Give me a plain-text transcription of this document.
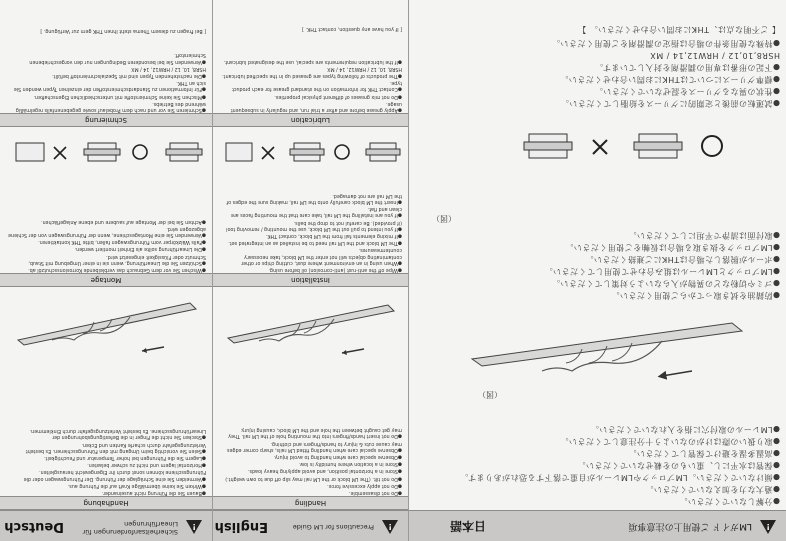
!
LMガイド ご使用上の注意事項
日本語

●分解しないでください。

●過大な力を加えないでください。

●傾けないでください。LMブロックやLMレールが自重で落下する恐れがあります。

●保管は水平にし、重いものを載せないでください。

●高温多湿を避けて保管してください。

●取り扱いの際はけがのないよう十分注意してください。

●LMレールの取付穴に指を入れないでください。

（図）

●防錆油を拭き取ってからご使用ください。

●ゴミや切粉などの異物が入らないよう対策してください。

●LMブロックとLMレールは組み合わせて使用してください。

●ボールが脱落した場合はTHKにご連絡ください。

●LMブロックを抜き取る場合は仮軸をご使用ください。

●取付面は清浄で平坦にしてください。

（図）

●試運転の前後と定期的にグリースを給脂してください。

●性状の異なるグリースを混ぜないでください。

●標準グリースについてはTHKにお問い合わせください。

●下記の形番は専用の潤滑剤を封入しています。

HSR8,10,12 / HRW12,14 / MX

●特殊な使用条件の場合は指定の潤滑剤をご使用ください。

【 ご不明な点は、THKにお問い合わせください。 】
!
Precautions for LM Guide
English
Handling

●Do not disassemble.

●Do not apply excessive force.

●Do not tilt. (The LM block or the LM rail may slip off due to own weight.)

●Store in a horizontal position, and avoid applying heavy loads.

●Store in a location where humidity is low.

●Observe special care when handling to avoid injury.

●Observe special care when handling fitted LM rails, sharp corner edges may cause cuts & injury to hands/fingers and clothing.

●Do not insert hands/fingers into the mounting hole of the LM rail. They may get caught between the hole and the LM block, causing injury.

Installation

●Wipe off the anti-rust (anti-corrosion) oil before using.

●When using in an environment where dust, cutting chips or other contaminating objects will not enter the LM block, take necessary countermeasures.

●The LM block and the LM rail need to be installed as an integrated set.

●If mixing elements fail from the LM block, contact THK.

●If you intend to pull out the LM block, use the mounting / removing tool (if provided). Be careful not to drop the balls.

●If you are installing the LM rail, take care that the mounting faces are clean and flat.

●Insert the LM block carefully onto the LM rail, making sure the edges of the LM rail are not damaged.

Lubrication

●Apply grease before and after a trial run, and regularly in subsequent usage.

●Do not mix greases of different physical properties.

●Contact THK for information on the standard grease for each product type.

●The products of following types are greased up in the specified lubricant.

HSR8, 10, 12 / HRW12, 14 / MX

●If the lubrication requirements are special, use the designated lubricant.

[ If you have any question, contact THK. ]
!
Sicherheitsanforderungen für Linearführungen
Deutsch
Handhabung

●Bauen Sie die Führung nicht auseinander.

●Wirken Sie keine übermäßige Kraft auf die Führung aus.

●Vermeiden Sie eine Schräglage der Führung. Der Führungswagen oder die Führungsschiene können sonst durch ihr Eigengewicht herausgleiten.

●Horizontal lagern und nicht zu schwer belasten.

●Lagern Sie die Führungen bei hoher Temperatur und Feuchtigkeit.

●Seien Sie vorsichtig beim Umgang mit den Führungsschienen. Es besteht Verletzungsgefahr durch scharfe Kanten und Ecken.

●Stecken Sie nicht die Finger in die Befestigungsbohrungen der Linearführungsschiene. Es besteht Verletzungsgefahr durch Einklemmen.

Montage

●Wischen Sie vor dem Gebrauch das verbleibende Korrosionsschutzöl ab.

●Schützen Sie die Linearführung, wenn sie in einer Umgebung mit Staub, Schmutz oder Flüssigkeit eingesetzt wird.

●Die Linearführung sollte als Einheit montiert werden.

●Falls Wälzkörper vom Führungswagen fallen, bitte THK kontaktieren.

●Verwenden Sie eine Montageschiene, wenn der Führungswagen von der Schiene abgezogen wird.

●Achten Sie bei der Montage auf saubere und ebene Anlageflächen.

Schmierung

●Schmieren Sie vor und nach dem Probelauf sowie gegebenenfalls regelmäßig während des Betriebs.

●Mischen Sie keine Schmierstoffe mit unterschiedlichen Eigenschaften.

●Für Informationen zu Standardschmierstoffen der einzelnen Typen wenden Sie sich an THK.

●Die nachstehenden Typen sind mit Spezialschmierstoff befüllt.

HSR8, 10, 12 / HRW12, 14 / MX

●Verwenden Sie bei besonderen Bedingungen nur den vorgeschriebenen Schmierstoff.

[ Bei Fragen zu diesem Thema steht Ihnen THK gern zur Verfügung. ]
